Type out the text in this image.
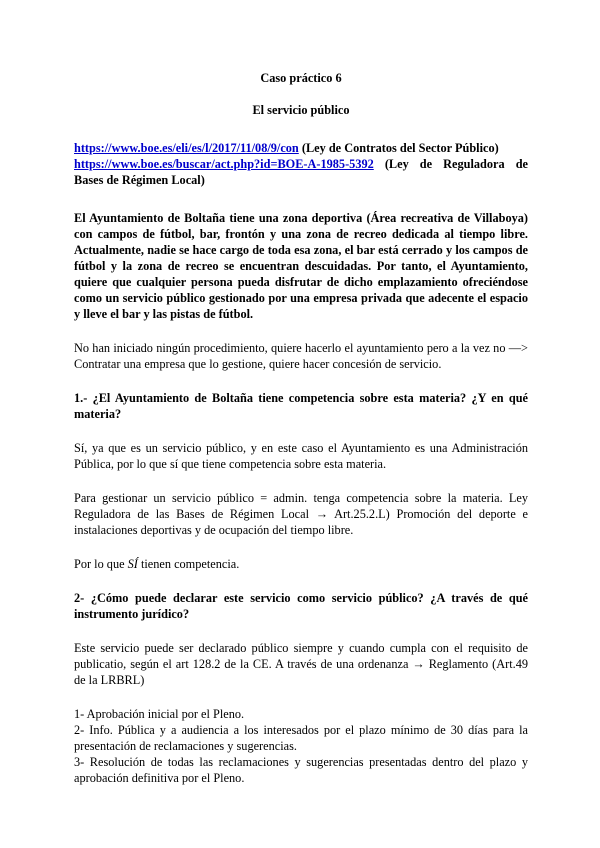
Caso práctico 6

El servicio público

https://www.boe.es/eli/es/l/2017/11/08/9/con (Ley de Contratos del Sector Público)

https://www.boe.es/buscar/act.php?id=BOE-A-1985-5392 (Ley de Reguladora de Bases de Régimen Local)

El Ayuntamiento de Boltaña tiene una zona deportiva (Área recreativa de Villaboya) con campos de fútbol, bar, frontón y una zona de recreo dedicada al tiempo libre. Actualmente, nadie se hace cargo de toda esa zona, el bar está cerrado y los campos de fútbol y la zona de recreo se encuentran descuidadas. Por tanto, el Ayuntamiento, quiere que cualquier persona pueda disfrutar de dicho emplazamiento ofreciéndose como un servicio público gestionado por una empresa privada que adecente el espacio y lleve el bar y las pistas de fútbol.

No han iniciado ningún procedimiento, quiere hacerlo el ayuntamiento pero a la vez no —> Contratar una empresa que lo gestione, quiere hacer concesión de servicio.

1.- ¿El Ayuntamiento de Boltaña tiene competencia sobre esta materia? ¿Y en qué materia?

Sí, ya que es un servicio público, y en este caso el Ayuntamiento es una Administración Pública, por lo que sí que tiene competencia sobre esta materia.

Para gestionar un servicio público = admin. tenga competencia sobre la materia. Ley Reguladora de las Bases de Régimen Local → Art.25.2.L) Promoción del deporte e instalaciones deportivas y de ocupación del tiempo libre.

Por lo que SÍ tienen competencia.

2- ¿Cómo puede declarar este servicio como servicio público? ¿A través de qué instrumento jurídico?

Este servicio puede ser declarado público siempre y cuando cumpla con el requisito de publicatio, según el art 128.2 de la CE. A través de una ordenanza → Reglamento (Art.49 de la LRBRL)

1- Aprobación inicial por el Pleno.

2- Info. Pública y a audiencia a los interesados por el plazo mínimo de 30 días para la presentación de reclamaciones y sugerencias.

3- Resolución de todas las reclamaciones y sugerencias presentadas dentro del plazo y aprobación definitiva por el Pleno.
